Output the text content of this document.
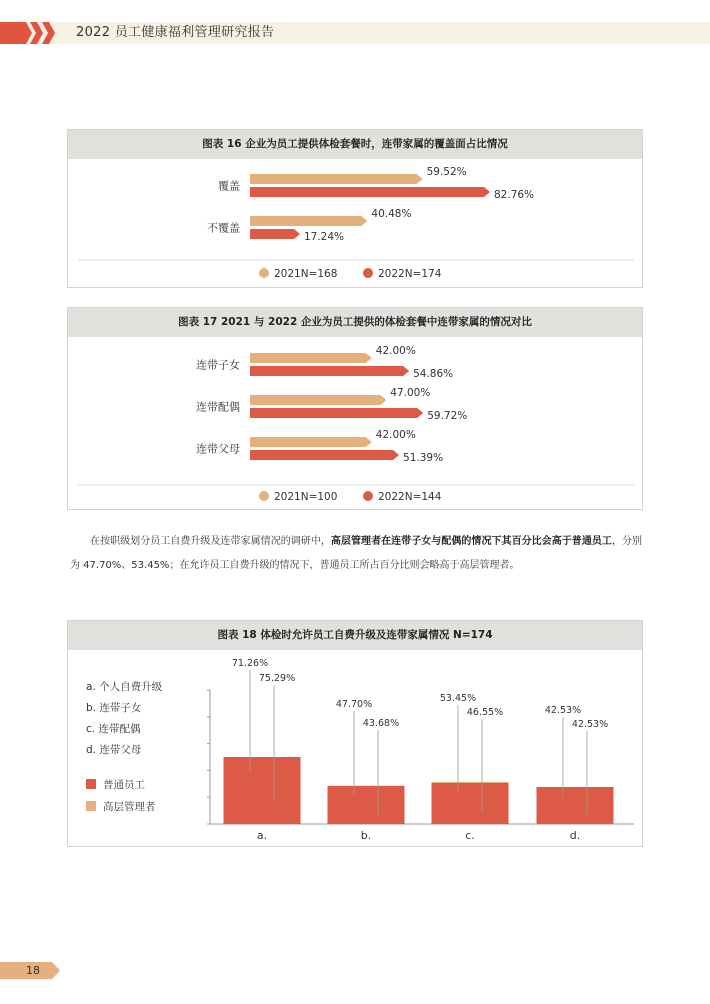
2022 员工健康福利管理研究报告
图表 16 企业为员工提供体检套餐时，连带家属的覆盖面占比情况
覆盖
59.52%
82.76%
不覆盖
40.48%
17.24%
2021N=168	2022N=174
图表 17 2021 与 2022 企业为员工提供的体检套餐中连带家属的情况对比
连带子女
42.00%
54.86%
连带配偶
47.00%
59.72%
连带父母
42.00%
51.39%
2021N=100	2022N=144
在按职级划分员工自费升级及连带家属情况的调研中，高层管理者在连带子女与配偶的情况下其百分比会高于普通员工，分别为 47.70%、53.45%；在允许员工自费升级的情况下，普通员工所占百分比则会略高于高层管理者。
图表 18 体检时允许员工自费升级及连带家属情况 N=174
a. 个人自费升级
b. 连带子女
c. 连带配偶
d. 连带父母
普通员工
高层管理者
71.26%
75.29%
a.
47.70%
43.68%
b.
53.45%
46.55%
c.
42.53%
42.53%
d.
18
